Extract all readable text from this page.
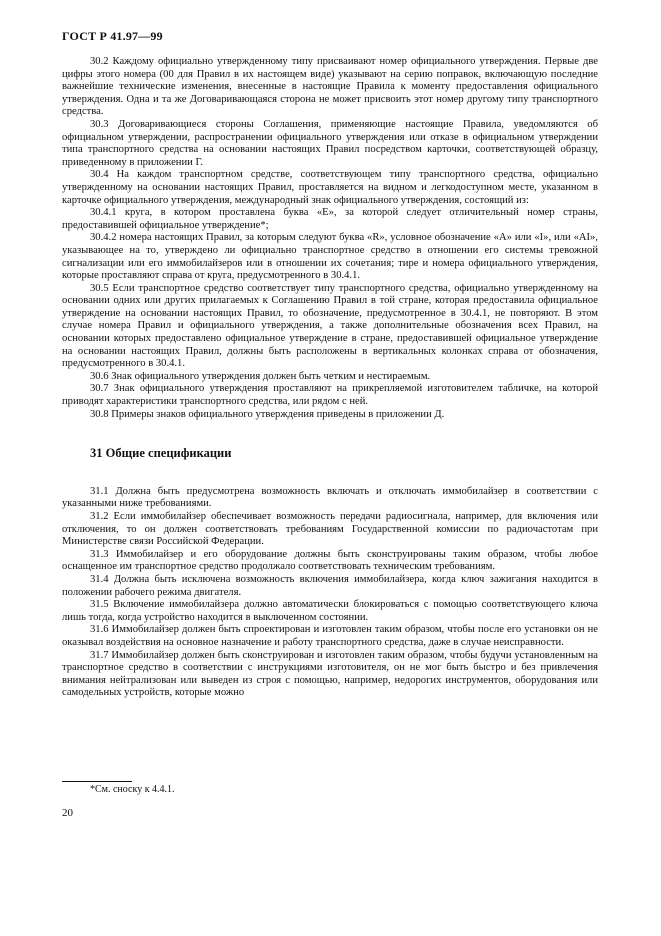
ГОСТ Р 41.97—99

30.2 Каждому официально утвержденному типу присваивают номер официального утверждения. Первые две цифры этого номера (00 для Правил в их настоящем виде) указывают на серию поправок, включающую последние важнейшие технические изменения, внесенные в настоящие Правила к моменту предоставления официального утверждения. Одна и та же Договаривающаяся сторона не может присвоить этот номер другому типу транспортного средства.

30.3 Договаривающиеся стороны Соглашения, применяющие настоящие Правила, уведомляются об официальном утверждении, распространении официального утверждения или отказе в официальном утверждении типа транспортного средства на основании настоящих Правил посредством карточки, соответствующей образцу, приведенному в приложении Г.

30.4 На каждом транспортном средстве, соответствующем типу транспортного средства, официально утвержденному на основании настоящих Правил, проставляется на видном и легкодоступном месте, указанном в карточке официального утверждения, международный знак официального утверждения, состоящий из:

30.4.1 круга, в котором проставлена буква «Е», за которой следует отличительный номер страны, предоставившей официальное утверждение*;

30.4.2 номера настоящих Правил, за которым следуют буква «R», условное обозначение «А» или «I», или «AI», указывающее на то, утверждено ли официально транспортное средство в отношении его системы тревожной сигнализации или его иммобилайзеров или в отношении их сочетания; тире и номера официального утверждения, которые проставляют справа от круга, предусмотренного в 30.4.1.

30.5 Если транспортное средство соответствует типу транспортного средства, официально утвержденному на основании одних или других прилагаемых к Соглашению Правил в той стране, которая предоставила официальное утверждение на основании настоящих Правил, то обозначение, предусмотренное в 30.4.1, не повторяют. В этом случае номера Правил и официального утверждения, а также дополнительные обозначения всех Правил, на основании которых предоставлено официальное утверждение в стране, предоставившей официальное утверждение на основании настоящих Правил, должны быть расположены в вертикальных колонках справа от обозначения, предусмотренного в 30.4.1.

30.6 Знак официального утверждения должен быть четким и нестираемым.

30.7 Знак официального утверждения проставляют на прикрепляемой изготовителем табличке, на которой приводят характеристики транспортного средства, или рядом с ней.

30.8 Примеры знаков официального утверждения приведены в приложении Д.

31 Общие спецификации

31.1 Должна быть предусмотрена возможность включать и отключать иммобилайзер в соответствии с указанными ниже требованиями.

31.2 Если иммобилайзер обеспечивает возможность передачи радиосигнала, например, для включения или отключения, то он должен соответствовать требованиям Государственной комиссии по радиочастотам при Министерстве связи Российской Федерации.

31.3 Иммобилайзер и его оборудование должны быть сконструированы таким образом, чтобы любое оснащенное им транспортное средство продолжало соответствовать техническим требованиям.

31.4 Должна быть исключена возможность включения иммобилайзера, когда ключ зажигания находится в положении рабочего режима двигателя.

31.5 Включение иммобилайзера должно автоматически блокироваться с помощью соответствующего ключа лишь тогда, когда устройство находится в выключенном состоянии.

31.6 Иммобилайзер должен быть спроектирован и изготовлен таким образом, чтобы после его установки он не оказывал воздействия на основное назначение и работу транспортного средства, даже в случае неисправности.

31.7 Иммобилайзер должен быть сконструирован и изготовлен таким образом, чтобы будучи установленным на транспортное средство в соответствии с инструкциями изготовителя, он не мог быть быстро и без привлечения внимания нейтрализован или выведен из строя с помощью, например, недорогих инструментов, оборудования или самодельных устройств, которые можно

*См. сноску к 4.4.1.
20
